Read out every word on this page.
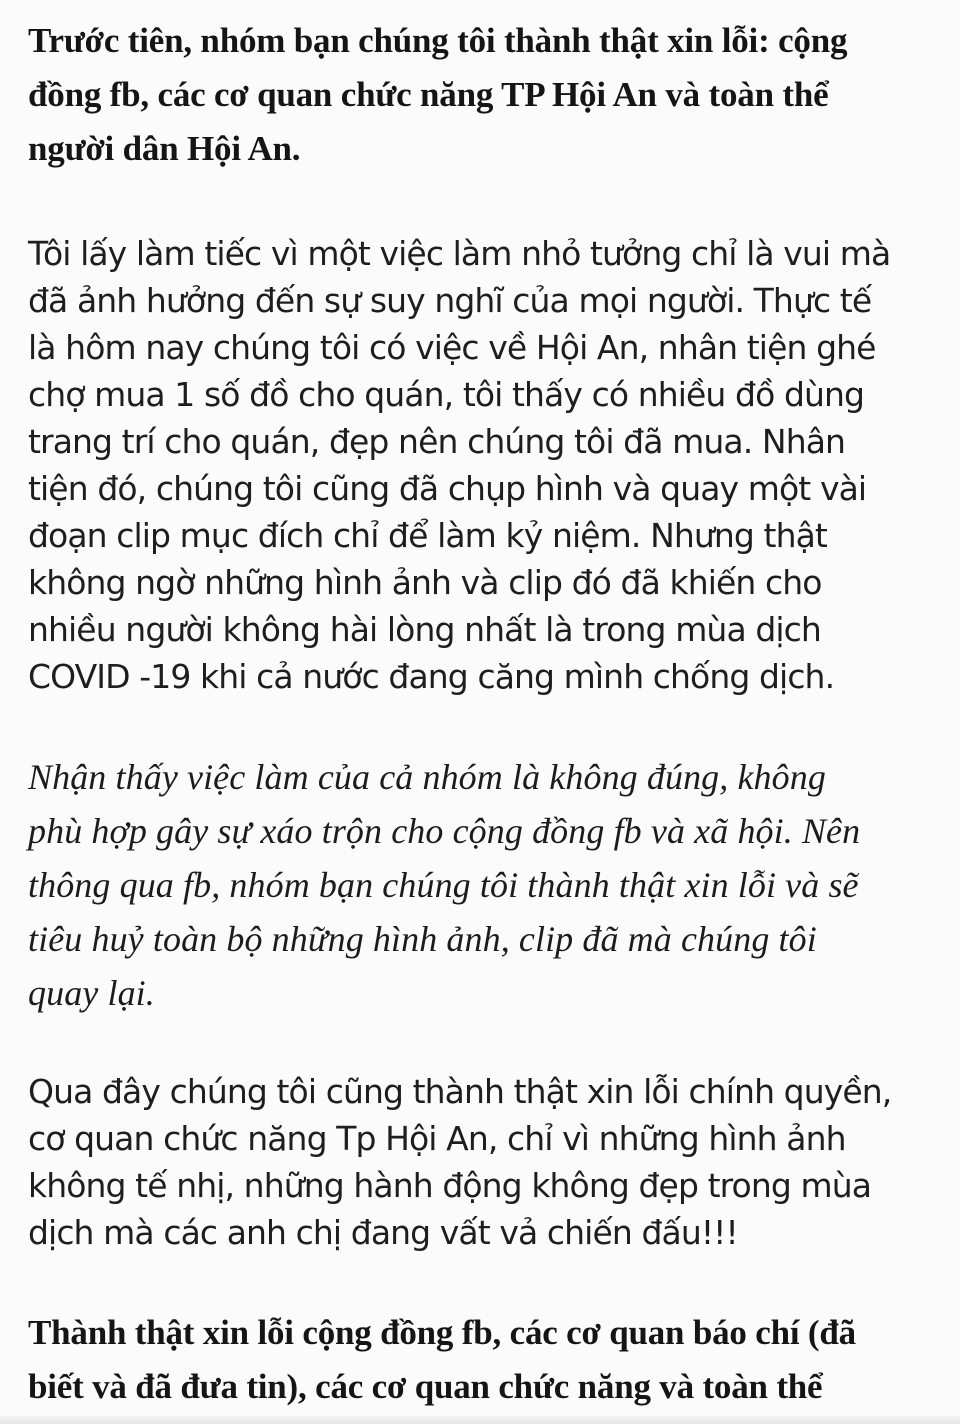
Trước tiên, nhóm bạn chúng tôi thành thật xin lỗi: cộng
đồng fb, các cơ quan chức năng TP Hội An và toàn thể
người dân Hội An.

Tôi lấy làm tiếc vì một việc làm nhỏ tưởng chỉ là vui mà
đã ảnh hưởng đến sự suy nghĩ của mọi người. Thực tế
là hôm nay chúng tôi có việc về Hội An, nhân tiện ghé
chợ mua 1 số đồ cho quán, tôi thấy có nhiều đồ dùng
trang trí cho quán, đẹp nên chúng tôi đã mua. Nhân
tiện đó, chúng tôi cũng đã chụp hình và quay một vài
đoạn clip mục đích chỉ để làm kỷ niệm. Nhưng thật
không ngờ những hình ảnh và clip đó đã khiến cho
nhiều người không hài lòng nhất là trong mùa dịch
COVID -19 khi cả nước đang căng mình chống dịch.

Nhận thấy việc làm của cả nhóm là không đúng, không
phù hợp gây sự xáo trộn cho cộng đồng fb và xã hội. Nên
thông qua fb, nhóm bạn chúng tôi thành thật xin lỗi và sẽ
tiêu huỷ toàn bộ những hình ảnh, clip đã mà chúng tôi
quay lại.

Qua đây chúng tôi cũng thành thật xin lỗi chính quyền,
cơ quan chức năng Tp Hội An, chỉ vì những hình ảnh
không tế nhị, những hành động không đẹp trong mùa
dịch mà các anh chị đang vất vả chiến đấu!!!

Thành thật xin lỗi cộng đồng fb, các cơ quan báo chí (đã
biết và đã đưa tin), các cơ quan chức năng và toàn thể
